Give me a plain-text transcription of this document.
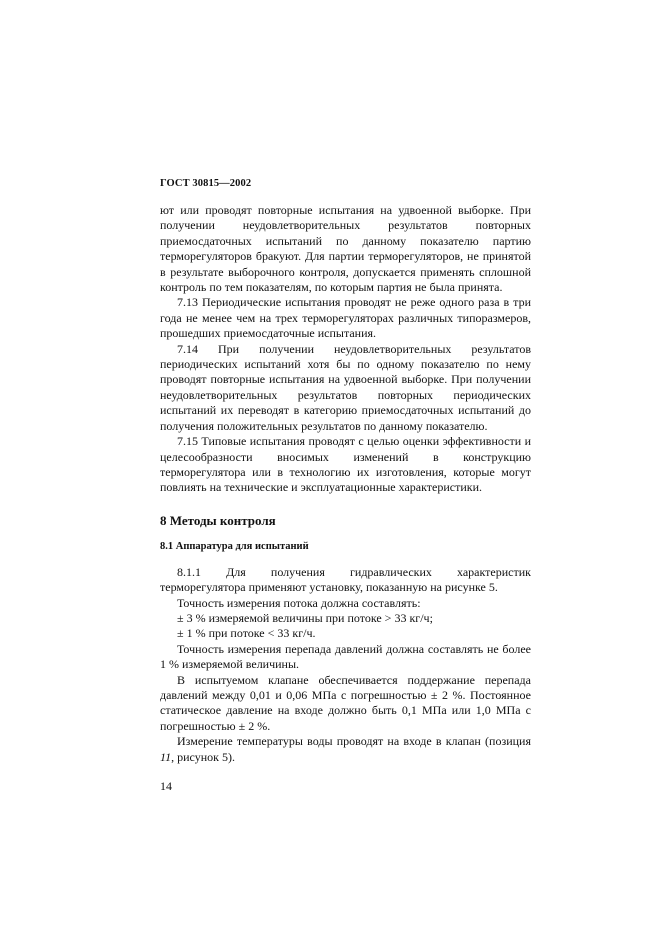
ГОСТ 30815—2002

ют или проводят повторные испытания на удвоенной выборке. При получении неудовлетворительных результатов повторных приемосдаточных испытаний по данному показателю партию терморегуляторов бракуют. Для партии терморегуляторов, не принятой в результате выборочного контроля, допускается применять сплошной контроль по тем показателям, по которым партия не была принята.

7.13 Периодические испытания проводят не реже одного раза в три года не менее чем на трех терморегуляторах различных типоразмеров, прошедших приемосдаточные испытания.

7.14 При получении неудовлетворительных результатов периодических испытаний хотя бы по одному показателю по нему проводят повторные испытания на удвоенной выборке. При получении неудовлетворительных результатов повторных периодических испытаний их переводят в категорию приемосдаточных испытаний до получения положительных результатов по данному показателю.

7.15 Типовые испытания проводят с целью оценки эффективности и целесообразности вносимых изменений в конструкцию терморегулятора или в технологию их изготовления, которые могут повлиять на технические и эксплуатационные характеристики.

8 Методы контроля
8.1 Аппаратура для испытаний

8.1.1 Для получения гидравлических характеристик терморегулятора применяют установку, показанную на рисунке 5.

Точность измерения потока должна составлять:

± 3 % измеряемой величины при потоке > 33 кг/ч;

± 1 % при потоке < 33 кг/ч.

Точность измерения перепада давлений должна составлять не более 1 % измеряемой величины.

В испытуемом клапане обеспечивается поддержание перепада давлений между 0,01 и 0,06 МПа с погрешностью ± 2 %. Постоянное статическое давление на входе должно быть 0,1 МПа или 1,0 МПа с погрешностью ± 2 %.

Измерение температуры воды проводят на входе в клапан (позиция 11, рисунок 5).

14
